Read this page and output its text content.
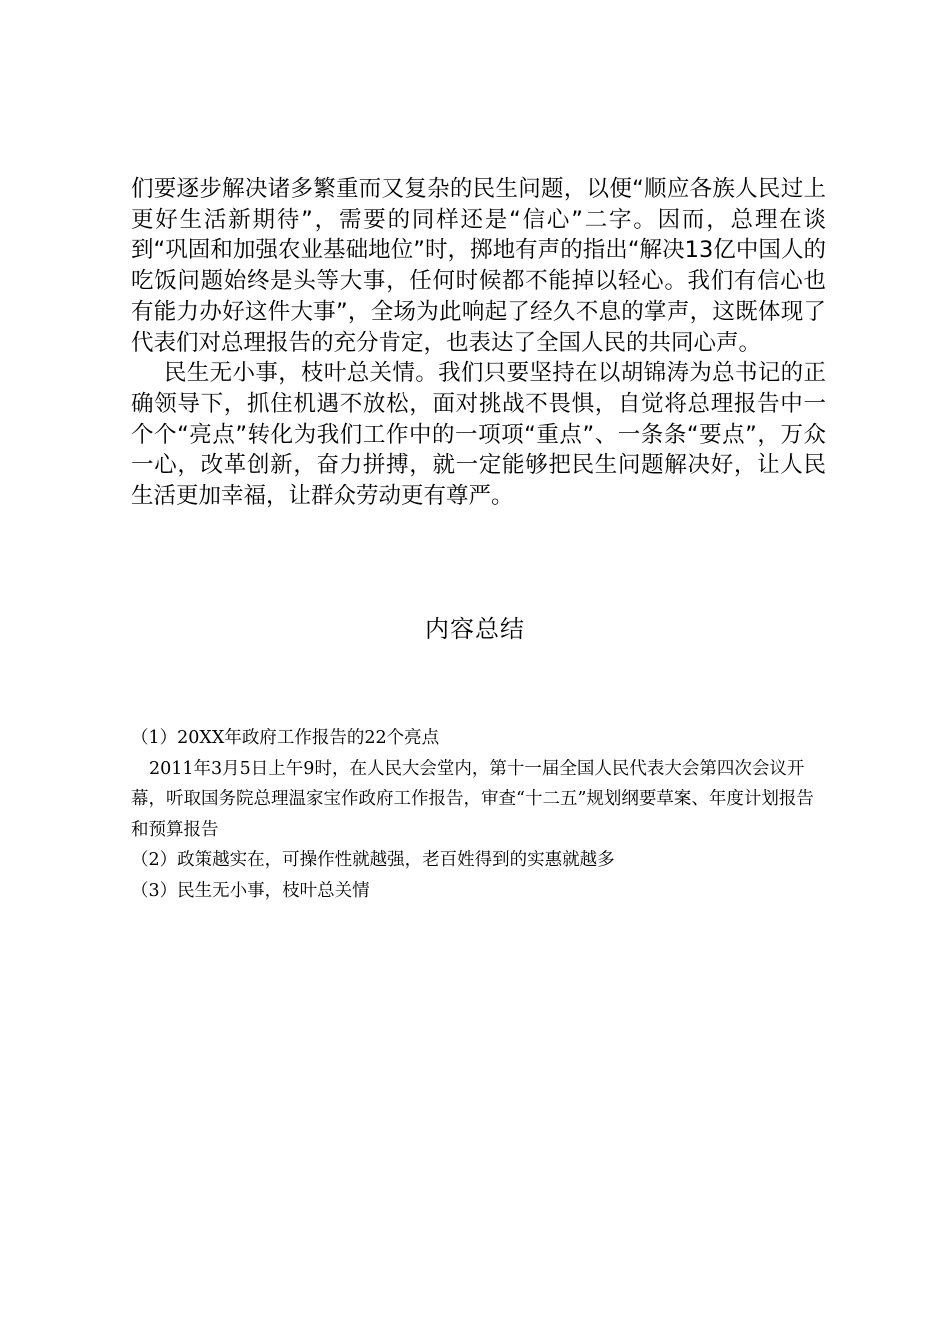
们要逐步解决诸多繁重而又复杂的民生问题，以便“顺应各族人民过上更好生活新期待”，需要的同样还是“信心”二字。因而，总理在谈到“巩固和加强农业基础地位”时，掷地有声的指出“解决13亿中国人的吃饭问题始终是头等大事，任何时候都不能掉以轻心。我们有信心也有能力办好这件大事”，全场为此响起了经久不息的掌声，这既体现了代表们对总理报告的充分肯定，也表达了全国人民的共同心声。

民生无小事，枝叶总关情。我们只要坚持在以胡锦涛为总书记的正确领导下，抓住机遇不放松，面对挑战不畏惧，自觉将总理报告中一个个“亮点”转化为我们工作中的一项项“重点”、一条条“要点”，万众一心，改革创新，奋力拼搏，就一定能够把民生问题解决好，让人民生活更加幸福，让群众劳动更有尊严。

内容总结

（1）20XX年政府工作报告的22个亮点

2011年3月5日上午9时，在人民大会堂内，第十一届全国人民代表大会第四次会议开幕，听取国务院总理温家宝作政府工作报告，审查“十二五”规划纲要草案、年度计划报告和预算报告

（2）政策越实在，可操作性就越强，老百姓得到的实惠就越多

（3）民生无小事，枝叶总关情
